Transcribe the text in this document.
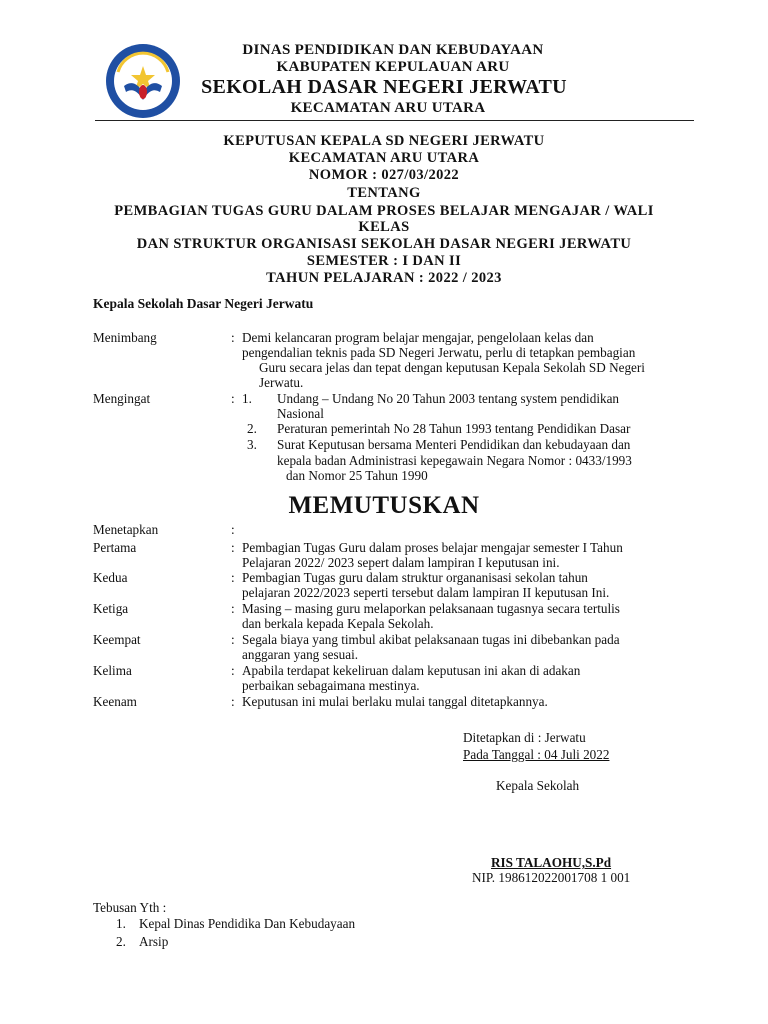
DINAS PENDIDIKAN DAN KEBUDAYAAN
KABUPATEN KEPULAUAN ARU
SEKOLAH DASAR NEGERI JERWATU
KECAMATAN ARU UTARA
KEPUTUSAN KEPALA SD NEGERI JERWATU
KECAMATAN ARU UTARA
NOMOR : 027/03/2022
TENTANG
PEMBAGIAN TUGAS GURU DALAM PROSES BELAJAR MENGAJAR / WALI
KELAS
DAN STRUKTUR ORGANISASI SEKOLAH DASAR NEGERI JERWATU
SEMESTER : I DAN II
TAHUN PELAJARAN : 2022 / 2023
Kepala Sekolah Dasar Negeri Jerwatu
Menimbang	: Demi kelancaran program belajar mengajar, pengelolaan kelas dan
pengendalian teknis pada SD Negeri Jerwatu, perlu di tetapkan pembagian
Guru secara jelas dan tepat dengan keputusan Kepala Sekolah SD Negeri
Jerwatu.
Mengingat	: 1. Undang – Undang No 20 Tahun 2003 tentang system pendidikan
Nasional
2. Peraturan pemerintah No 28 Tahun 1993 tentang Pendidikan Dasar
3. Surat Keputusan bersama Menteri Pendidikan dan kebudayaan dan
kepala badan Administrasi kepegawain Negara Nomor : 0433/1993
dan Nomor 25 Tahun 1990
MEMUTUSKAN
Menetapkan	:
Pertama	: Pembagian Tugas Guru dalam proses belajar mengajar semester I Tahun
Pelajaran 2022/ 2023 sepert dalam lampiran I keputusan ini.
Kedua	: Pembagian Tugas guru dalam struktur organanisasi sekolan tahun
pelajaran 2022/2023 seperti tersebut dalam lampiran II keputusan Ini.
Ketiga	: Masing – masing guru melaporkan pelaksanaan tugasnya secara tertulis
dan berkala kepada Kepala Sekolah.
Keempat	: Segala biaya yang timbul akibat pelaksanaan tugas ini dibebankan pada
anggaran yang sesuai.
Kelima	: Apabila terdapat kekeliruan dalam keputusan ini akan di adakan
perbaikan sebagaimana mestinya.
Keenam	: Keputusan ini mulai berlaku mulai tanggal ditetapkannya.
Ditetapkan di : Jerwatu
Pada Tanggal : 04 Juli 2022
Kepala Sekolah
RIS TALAOHU,S.Pd
NIP. 198612022001708 1 001
Tebusan Yth :
1. Kepal Dinas Pendidika Dan Kebudayaan
2. Arsip
